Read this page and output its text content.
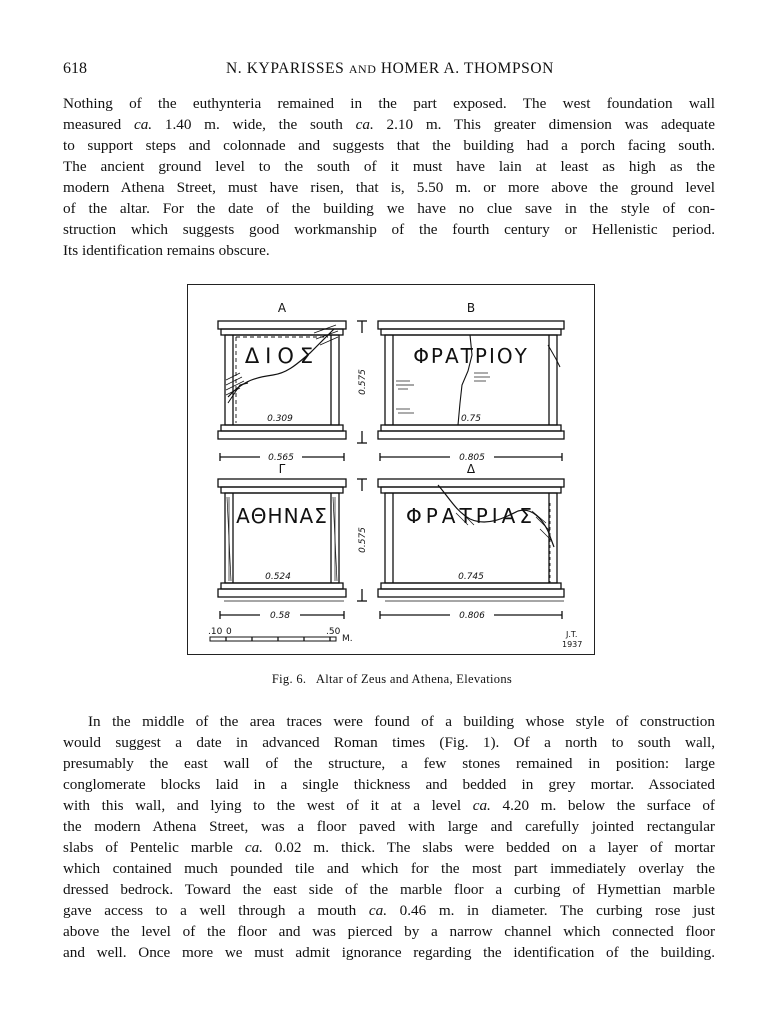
618	N. KYPARISSES AND HOMER A. THOMPSON
Nothing of the euthynteria remained in the part exposed. The west foundation wall
measured ca. 1.40 m. wide, the south ca. 2.10 m. This greater dimension was adequate
to support steps and colonnade and suggests that the building had a porch facing south.
The ancient ground level to the south of it must have lain at least as high as the
modern Athena Street, must have risen, that is, 5.50 m. or more above the ground level
of the altar. For the date of the building we have no clue save in the style of con-
struction which suggests good workmanship of the fourth century or Hellenistic period.
Its identification remains obscure.
A	B
Γ	Δ
ΔΙΟΣ	ΦΡΑΤΡΙΟΥ
ΑΘΗΝΑΣ	ΦΡΑΤΡΙΑΣ
0.309	0.75
0.524	0.745
0.565	0.805
0.58	0.806
0.575
0.575
.10 0	.50
M.	J.T.
1937
Fig. 6. Altar of Zeus and Athena, Elevations
In the middle of the area traces were found of a building whose style of construction
would suggest a date in advanced Roman times (Fig. 1). Of a north to south wall,
presumably the east wall of the structure, a few stones remained in position: large
conglomerate blocks laid in a single thickness and bedded in grey mortar. Associated
with this wall, and lying to the west of it at a level ca. 4.20 m. below the surface of
the modern Athena Street, was a floor paved with large and carefully jointed rectangular
slabs of Pentelic marble ca. 0.02 m. thick. The slabs were bedded on a layer of mortar
which contained much pounded tile and which for the most part immediately overlay the
dressed bedrock. Toward the east side of the marble floor a curbing of Hymettian marble
gave access to a well through a mouth ca. 0.46 m. in diameter. The curbing rose just
above the level of the floor and was pierced by a narrow channel which connected floor
and well. Once more we must admit ignorance regarding the identification of the building.
